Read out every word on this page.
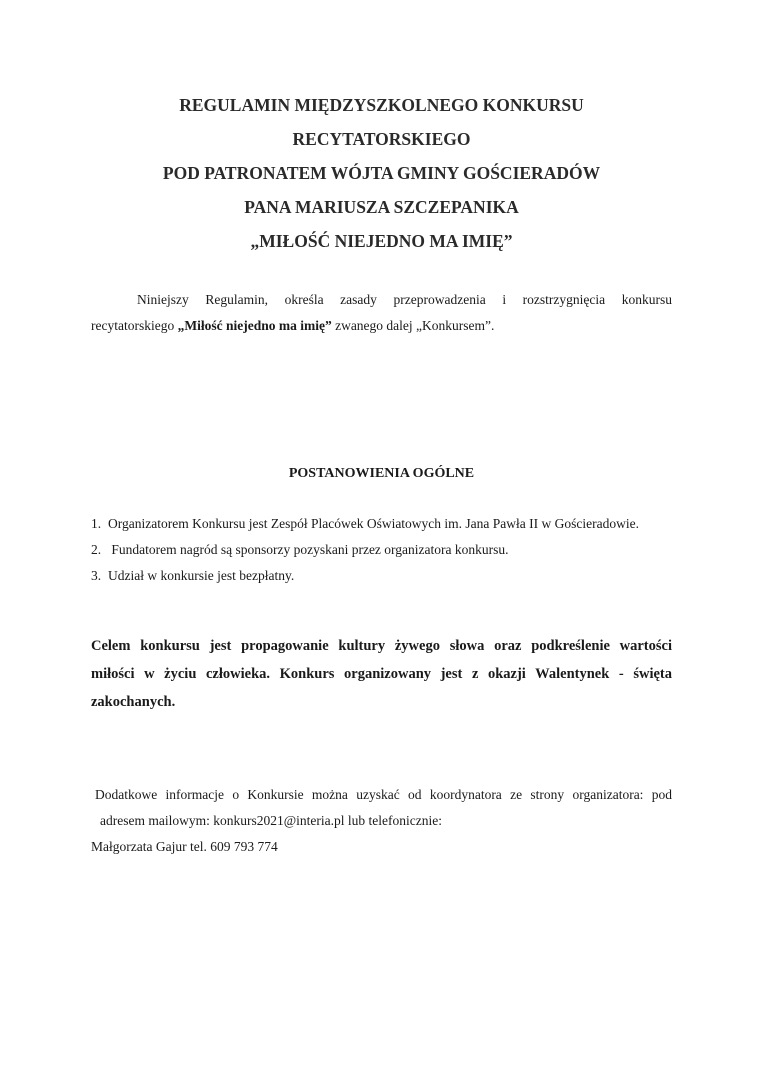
REGULAMIN MIĘDZYSZKOLNEGO KONKURSU
RECYTATORSKIEGO
POD PATRONATEM WÓJTA GMINY GOŚCIERADÓW
PANA MARIUSZA SZCZEPANIKA
„MIŁOŚĆ NIEJEDNO MA IMIĘ”
Niniejszy Regulamin, określa zasady przeprowadzenia i rozstrzygnięcia konkursu
recytatorskiego „Miłość niejedno ma imię” zwanego dalej „Konkursem”.
POSTANOWIENIA OGÓLNE
1. Organizatorem Konkursu jest Zespół Placówek Oświatowych im. Jana Pawła II w Gościeradowie.
2. Fundatorem nagród są sponsorzy pozyskani przez organizatora konkursu.
3. Udział w konkursie jest bezpłatny.
Celem konkursu jest propagowanie kultury żywego słowa oraz podkreślenie wartości
miłości w życiu człowieka. Konkurs organizowany jest z okazji Walentynek - święta
zakochanych.
Dodatkowe informacje o Konkursie można uzyskać od koordynatora ze strony organizatora: pod
adresem mailowym: konkurs2021@interia.pl lub telefonicznie:
Małgorzata Gajur tel. 609 793 774
